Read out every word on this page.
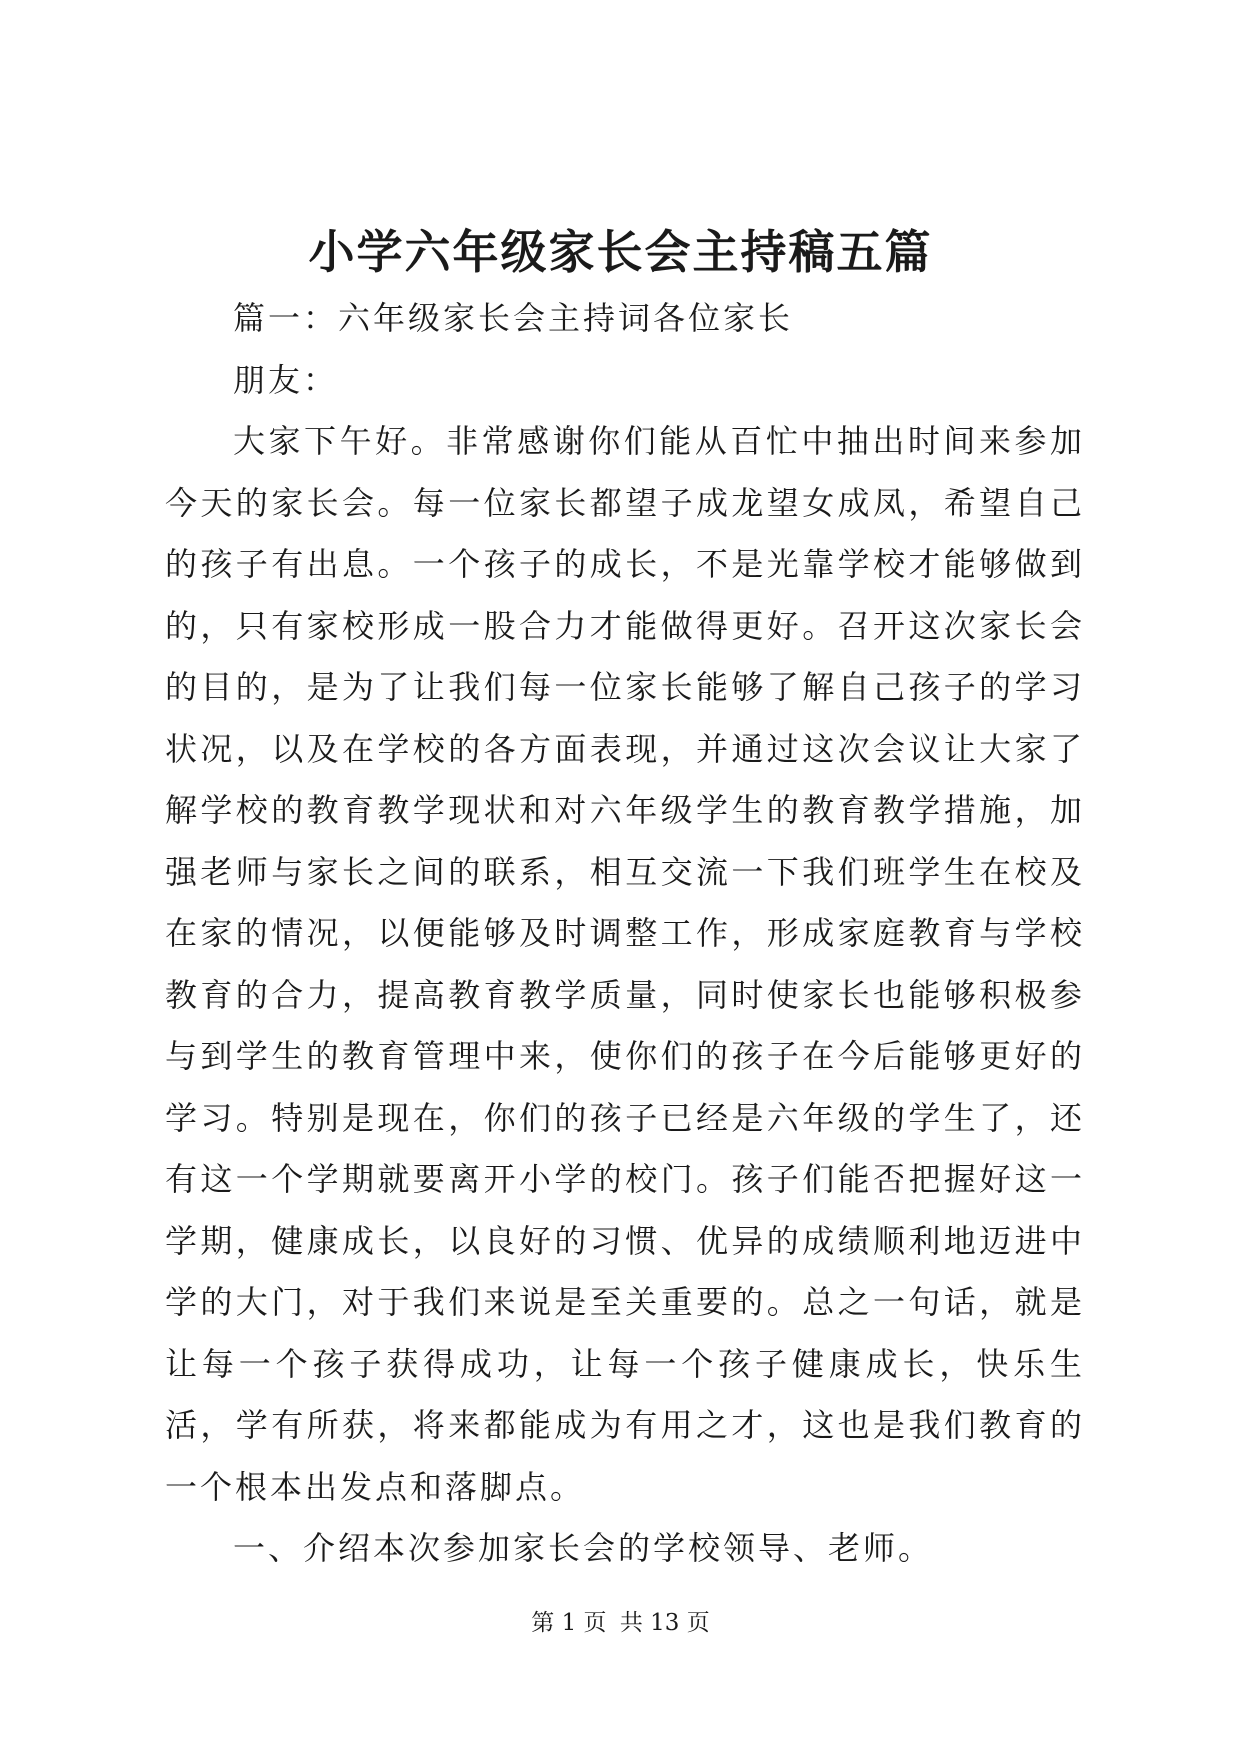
小学六年级家长会主持稿五篇

篇一：六年级家长会主持词各位家长

朋友：

大家下午好。非常感谢你们能从百忙中抽出时间来参加今天的家长会。每一位家长都望子成龙望女成凤，希望自己的孩子有出息。一个孩子的成长，不是光靠学校才能够做到的，只有家校形成一股合力才能做得更好。召开这次家长会的目的，是为了让我们每一位家长能够了解自己孩子的学习状况，以及在学校的各方面表现，并通过这次会议让大家了解学校的教育教学现状和对六年级学生的教育教学措施，加强老师与家长之间的联系，相互交流一下我们班学生在校及在家的情况，以便能够及时调整工作，形成家庭教育与学校教育的合力，提高教育教学质量，同时使家长也能够积极参与到学生的教育管理中来，使你们的孩子在今后能够更好的学习。特别是现在，你们的孩子已经是六年级的学生了，还有这一个学期就要离开小学的校门。孩子们能否把握好这一学期，健康成长，以良好的习惯、优异的成绩顺利地迈进中学的大门，对于我们来说是至关重要的。总之一句话，就是让每一个孩子获得成功，让每一个孩子健康成长，快乐生活，学有所获，将来都能成为有用之才，这也是我们教育的一个根本出发点和落脚点。

一、介绍本次参加家长会的学校领导、老师。

第 1 页 共 13 页
